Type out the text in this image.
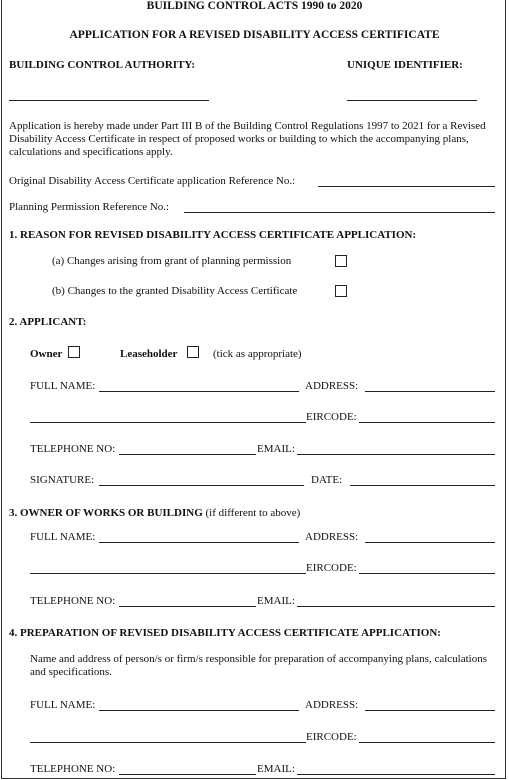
BUILDING CONTROL ACTS 1990 to 2020
APPLICATION FOR A REVISED DISABILITY ACCESS CERTIFICATE
BUILDING CONTROL AUTHORITY:	UNIQUE IDENTIFIER:
Application is hereby made under Part III B of the Building Control Regulations 1997 to 2021 for a Revised Disability Access Certificate in respect of proposed works or building to which the accompanying plans, calculations and specifications apply.
Original Disability Access Certificate application Reference No.:
Planning Permission Reference No.:
1. REASON FOR REVISED DISABILITY ACCESS CERTIFICATE APPLICATION:
(a) Changes arising from grant of planning permission
(b) Changes to the granted Disability Access Certificate
2. APPLICANT:
Owner	Leaseholder	(tick as appropriate)
FULL NAME:	ADDRESS:
EIRCODE:
TELEPHONE NO:	EMAIL:
SIGNATURE:	DATE:
3. OWNER OF WORKS OR BUILDING (if different to above)
FULL NAME:	ADDRESS:
EIRCODE:
TELEPHONE NO:	EMAIL:
4. PREPARATION OF REVISED DISABILITY ACCESS CERTIFICATE APPLICATION:
Name and address of person/s or firm/s responsible for preparation of accompanying plans, calculations and specifications.
FULL NAME:	ADDRESS:
EIRCODE:
TELEPHONE NO:	EMAIL:
